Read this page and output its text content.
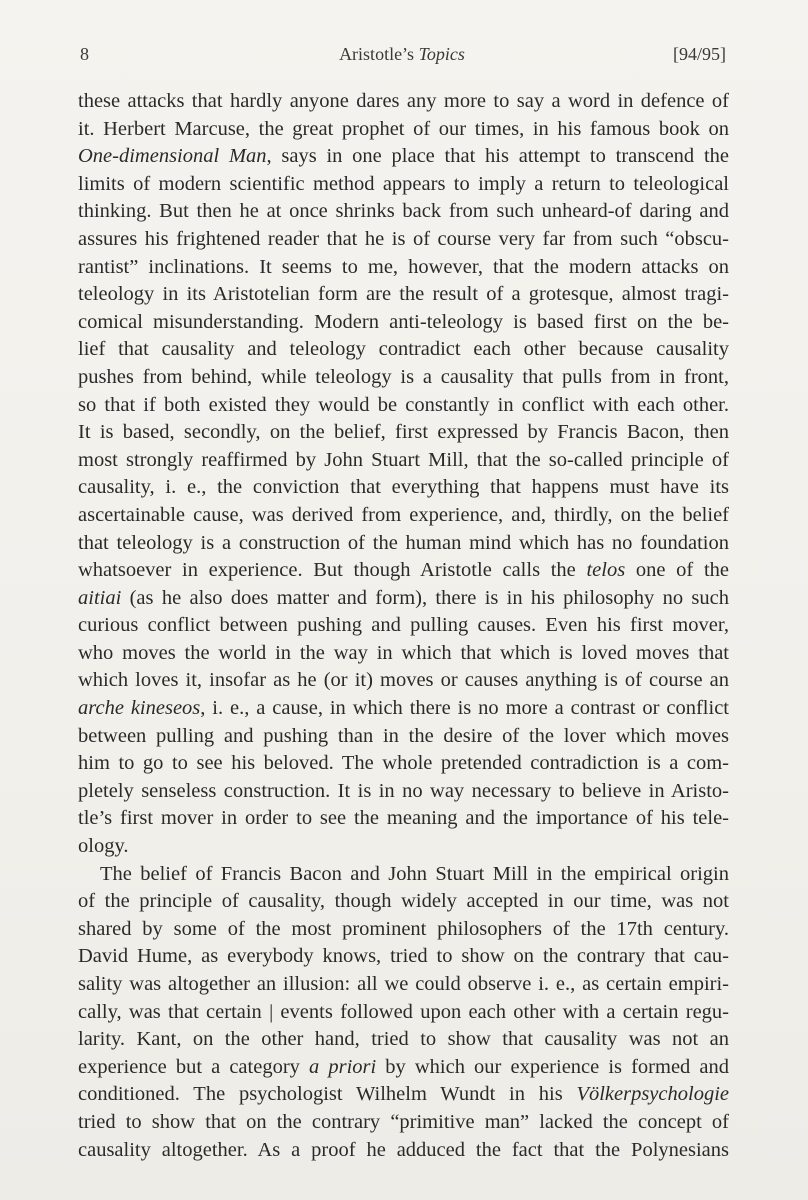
8	Aristotle’s Topics	[94/95]
these attacks that hardly anyone dares any more to say a word in defence of
it. Herbert Marcuse, the great prophet of our times, in his famous book on
One-dimensional Man, says in one place that his attempt to transcend the
limits of modern scientific method appears to imply a return to teleological
thinking. But then he at once shrinks back from such unheard-of daring and
assures his frightened reader that he is of course very far from such “obscu-
rantist” inclinations. It seems to me, however, that the modern attacks on
teleology in its Aristotelian form are the result of a grotesque, almost tragi-
comical misunderstanding. Modern anti-teleology is based first on the be-
lief that causality and teleology contradict each other because causality
pushes from behind, while teleology is a causality that pulls from in front,
so that if both existed they would be constantly in conflict with each other.
It is based, secondly, on the belief, first expressed by Francis Bacon, then
most strongly reaffirmed by John Stuart Mill, that the so-called principle of
causality, i. e., the conviction that everything that happens must have its
ascertainable cause, was derived from experience, and, thirdly, on the belief
that teleology is a construction of the human mind which has no foundation
whatsoever in experience. But though Aristotle calls the telos one of the
aitiai (as he also does matter and form), there is in his philosophy no such
curious conflict between pushing and pulling causes. Even his first mover,
who moves the world in the way in which that which is loved moves that
which loves it, insofar as he (or it) moves or causes anything is of course an
arche kineseos, i. e., a cause, in which there is no more a contrast or conflict
between pulling and pushing than in the desire of the lover which moves
him to go to see his beloved. The whole pretended contradiction is a com-
pletely senseless construction. It is in no way necessary to believe in Aristo-
tle’s first mover in order to see the meaning and the importance of his tele-
ology.
The belief of Francis Bacon and John Stuart Mill in the empirical origin
of the principle of causality, though widely accepted in our time, was not
shared by some of the most prominent philosophers of the 17th century.
David Hume, as everybody knows, tried to show on the contrary that cau-
sality was altogether an illusion: all we could observe i. e., as certain empiri-
cally, was that certain | events followed upon each other with a certain regu-
larity. Kant, on the other hand, tried to show that causality was not an
experience but a category a priori by which our experience is formed and
conditioned. The psychologist Wilhelm Wundt in his Völkerpsychologie
tried to show that on the contrary “primitive man” lacked the concept of
causality altogether. As a proof he adduced the fact that the Polynesians
